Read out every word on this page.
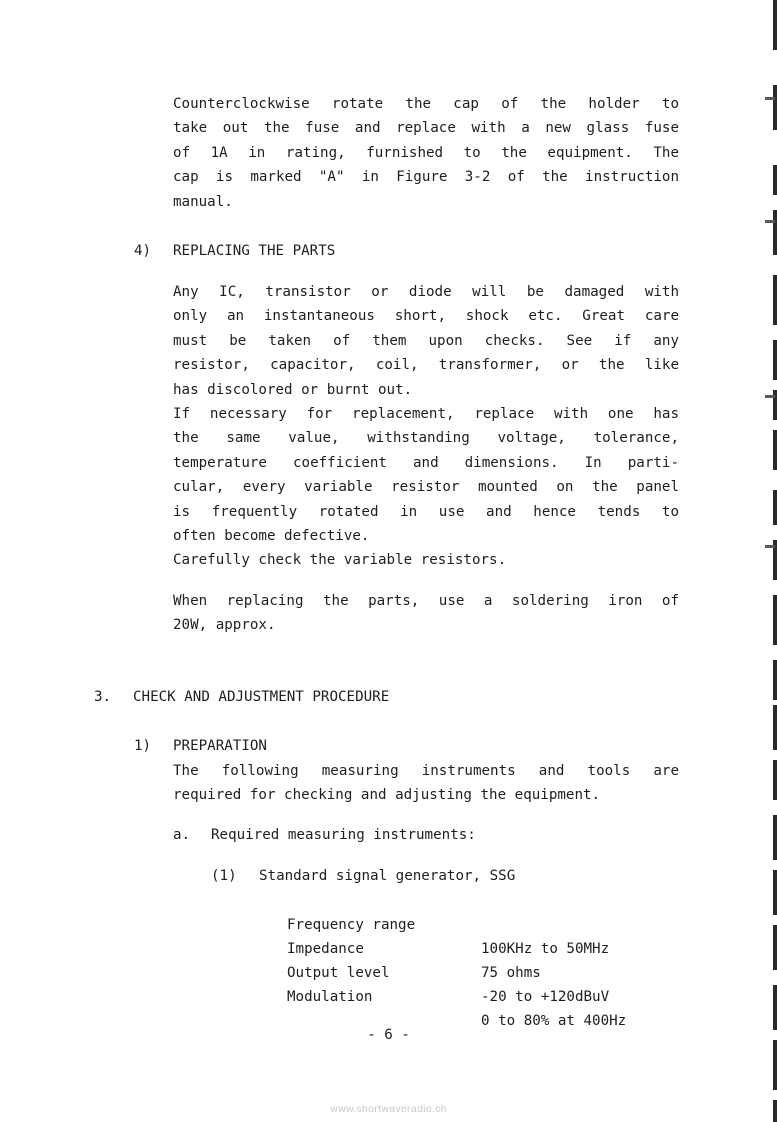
Counterclockwise rotate the cap of the holder to
take out the fuse and replace with a new glass fuse
of 1A in rating, furnished to the equipment. The
cap is marked "A" in Figure 3-2 of the instruction
manual.
4) REPLACING THE PARTS
Any IC, transistor or diode will be damaged with
only an instantaneous short, shock etc. Great care
must be taken of them upon checks. See if any
resistor, capacitor, coil, transformer, or the like
has discolored or burnt out.
If necessary for replacement, replace with one has
the same value, withstanding voltage, tolerance,
temperature coefficient and dimensions. In parti-
cular, every variable resistor mounted on the panel
is frequently rotated in use and hence tends to
often become defective.
Carefully check the variable resistors.
When replacing the parts, use a soldering iron of
20W, approx.
3. CHECK AND ADJUSTMENT PROCEDURE
1) PREPARATION
The following measuring instruments and tools are
required for checking and adjusting the equipment.
a. Required measuring instruments:
(1) Standard signal generator, SSG

Frequency range

100KHz to 50MHz

Impedance

75 ohms

Output level

-20 to +120dBuV

Modulation

0 to 80% at 400Hz

- 6 -
www.shortwaveradio.ch
